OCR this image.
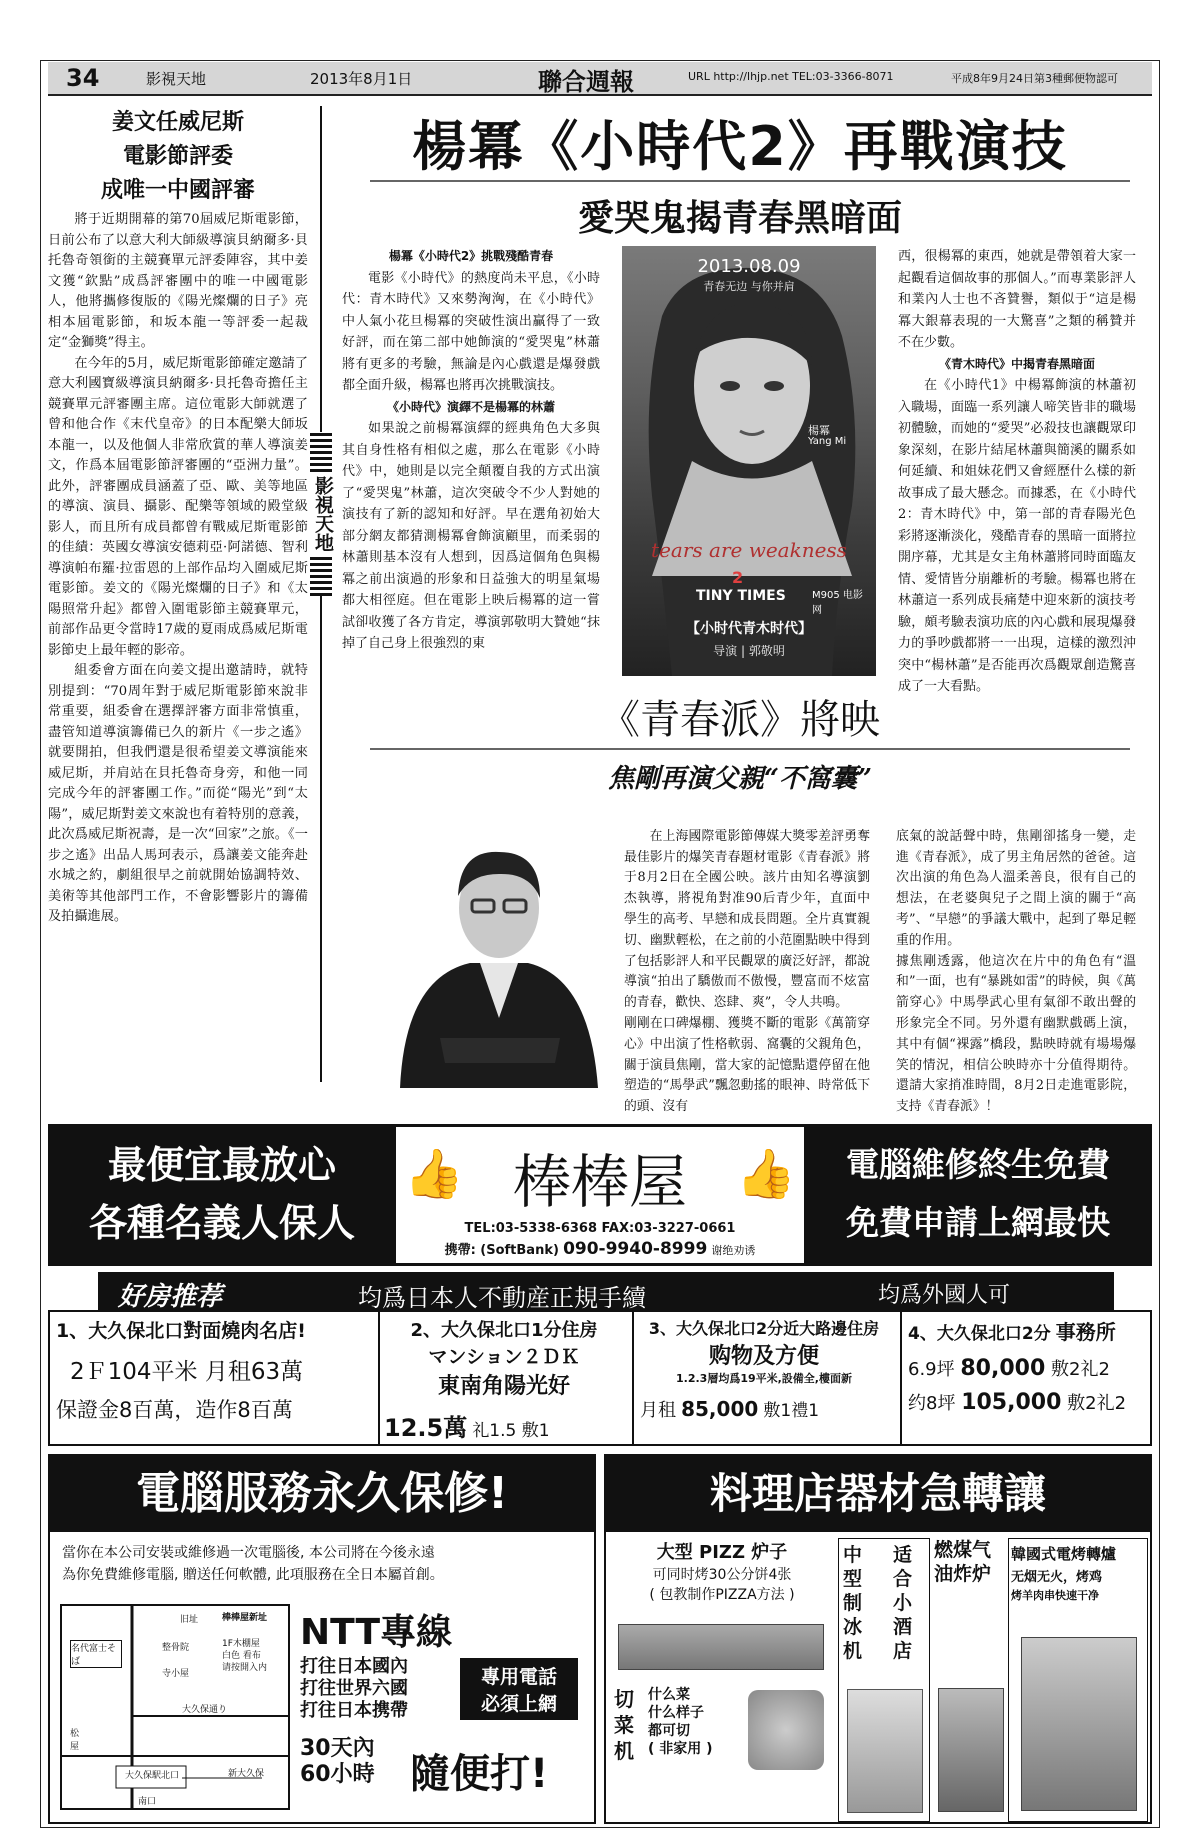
34	影視天地	2013年8月1日	聯合週報	URL http://lhjp.net TEL:03-3366-8071	平成8年9月24日第3種郵便物認可
姜文任威尼斯
電影節評委
成唯一中國評審

將于近期開幕的第70屆威尼斯電影節，日前公布了以意大利大師級導演貝納爾多·貝托魯奇領銜的主競賽單元評委陣容，其中姜文獲“欽點”成爲評審團中的唯一中國電影人，他將攜修復版的《陽光燦爛的日子》亮相本屆電影節，和坂本龍一等評委一起裁定“金獅獎”得主。

在今年的5月，威尼斯電影節確定邀請了意大利國寶級導演貝納爾多·貝托魯奇擔任主競賽單元評審團主席。這位電影大師就選了曾和他合作《末代皇帝》的日本配樂大師坂本龍一，以及他個人非常欣賞的華人導演姜文，作爲本屆電影節評審團的“亞洲力量”。此外，評審團成員涵蓋了亞、歐、美等地區的導演、演員、攝影、配樂等領域的殿堂級影人，而且所有成員都曾有戰威尼斯電影節的佳績：英國女導演安德莉亞·阿諾德、智利導演帕布羅·拉雷恩的上部作品均入圍威尼斯電影節。姜文的《陽光燦爛的日子》和《太陽照常升起》都曾入圍電影節主競賽單元，前部作品更令當時17歲的夏雨成爲威尼斯電影節史上最年輕的影帝。

組委會方面在向姜文提出邀請時，就特別提到：“70周年對于威尼斯電影節來說非常重要，組委會在選擇評審方面非常慎重，盡管知道導演籌備已久的新片《一步之遙》就要開拍，但我們還是很希望姜文導演能來威尼斯，并肩站在貝托魯奇身旁，和他一同完成今年的評審團工作。”而從“陽光”到“太陽”，威尼斯對姜文來說也有着特別的意義，此次爲威尼斯祝壽，是一次“回家”之旅。《一步之遙》出品人馬珂表示，爲讓姜文能奔赴水城之約，劇組很早之前就開始協調特效、美術等其他部門工作，不會影響影片的籌備及拍攝進展。

影視天地
楊冪《小時代2》再戰演技
愛哭鬼揭青春黑暗面

楊冪《小時代2》挑戰殘酷青春

電影《小時代》的熱度尚未平息，《小時代：青木時代》又來勢洶洶，在《小時代》中人氣小花旦楊冪的突破性演出贏得了一致好評，而在第二部中她飾演的“愛哭鬼”林蕭將有更多的考驗，無論是內心戲還是爆發戲都全面升級，楊冪也將再次挑戰演技。

《小時代》演繹不是楊冪的林蕭

如果說之前楊冪演繹的經典角色大多與其自身性格有相似之處，那么在電影《小時代》中，她則是以完全顛覆自我的方式出演了“愛哭鬼”林蕭，這次突破令不少人對她的演技有了新的認知和好評。早在選角初始大部分網友都猜測楊冪會飾演顧里，而柔弱的林蕭則基本沒有人想到，因爲這個角色與楊冪之前出演過的形象和日益強大的明星氣場都大相徑庭。但在電影上映后楊冪的這一嘗試卻收獲了各方肯定，導演郭敬明大贊她“抹掉了自己身上很強烈的東

2013.08.09
青春无边 与你并肩
楊冪
Yang Mi
tears are weakness
2
TINY TIMES	M905 电影网
【小时代青木时代】
导演 | 郭敬明

西，很楊冪的東西，她就是帶領着大家一起觀看這個故事的那個人。”而專業影評人和業內人士也不吝贊譽，類似于“這是楊冪大銀幕表現的一大驚喜”之類的稱贊并不在少數。

《青木時代》中揭青春黑暗面

在《小時代1》中楊冪飾演的林蕭初入職場，面臨一系列讓人啼笑皆非的職場初體驗，而她的“愛哭”必殺技也讓觀眾印象深刻，在影片結尾林蕭與簡溪的關系如何延續、和姐妹花們又會經歷什么樣的新故事成了最大懸念。而據悉，在《小時代2：青木時代》中，第一部的青春陽光色彩將逐漸淡化，殘酷青春的黑暗一面將拉開序幕，尤其是女主角林蕭將同時面臨友情、愛情皆分崩離析的考驗。楊冪也將在林蕭這一系列成長痛楚中迎來新的演技考驗，頗考驗表演功底的內心戲和展現爆發力的爭吵戲都將一一出現，這樣的激烈沖突中“楊林蕭”是否能再次爲觀眾創造驚喜成了一大看點。

《青春派》將映
焦剛再演父親“不窩囊”

在上海國際電影節傳媒大獎零差評勇奪最佳影片的爆笑青春題材電影《青春派》將于8月2日在全國公映。該片由知名導演劉杰執導，將視角對准90后青少年，直面中學生的高考、早戀和成長問題。全片真實親切、幽默輕松，在之前的小范圍點映中得到了包括影評人和平民觀眾的廣泛好評，都說導演“拍出了驕傲而不傲慢，豐富而不炫富的青春，歡快、恣肆、爽”，令人共鳴。
剛剛在口碑爆棚、獲獎不斷的電影《萬箭穿心》中出演了性格軟弱、窩囊的父親角色，關于演員焦剛，當大家的記憶點還停留在他塑造的“馬學武”飄忽動搖的眼神、時常低下的頭、沒有

底氣的說話聲中時，焦剛卻搖身一變，走進《青春派》，成了男主角居然的爸爸。這次出演的角色為人溫柔善良，很有自己的想法，在老婆與兒子之間上演的關于“高考”、“早戀”的爭議大戰中，起到了舉足輕重的作用。
據焦剛透露，他這次在片中的角色有“溫和”一面，也有“暴跳如雷”的時候，與《萬箭穿心》中馬學武心里有氣卻不敢出聲的形象完全不同。另外還有幽默戲碼上演，其中有個“裸露”橋段，點映時就有場場爆笑的情況，相信公映時亦十分值得期待。還請大家捎准時間，8月2日走進電影院，支持《青春派》！

最便宜最放心
各種名義人保人
👍	👍
棒棒屋
TEL:03-5338-6368 FAX:03-3227-0661
携帶: (SoftBank) 090-9940-8999 谢绝劝诱
電腦維修終生免費
免費申請上網最快
好房推荐	均爲日本人不動産正規手續	均爲外國人可
1、大久保北口對面燒肉名店!
2Ｆ104平米 月租63萬
保證金8百萬，造作8百萬
2、大久保北口1分住房
マンション２ＤＫ
東南角陽光好
12.5萬 礼1.5 敷1
3、大久保北口2分近大路邊住房
购物及方便
1.2.3層均爲19平米,設備全,樓面新
月租 85,000 敷1禮1
4、大久保北口2分 事務所
6.9坪 80,000 敷2礼2
约8坪 105,000 敷2礼2
電腦服務永久保修!
當你在本公司安裝或維修過一次電腦後, 本公司將在今後永遠
為你免費維修電腦, 贈送任何軟體, 此項服務在全日本屬首創。
旧址	棒棒屋新址
1F木棚屋
白色 看布
请按開入内
名代富士そば
整骨院
寺小屋
大久保通り
大久保駅北口
南口
松屋
新大久保
NTT專線
打往日本國內
打往世界六國
打往日本携帶
專用電話
必須上網
30天內
60小時 隨便打!
料理店器材急轉讓
大型 PIZZ 炉子
可同时烤30公分饼4张
( 包教制作PIZZA方法 )
切菜机
什么菜
什么样子
都可切
( 非家用 )
中型制冰机
适合小酒店
燃煤气油炸炉
韓國式電烤轉爐
无烟无火，烤鸡
烤羊肉串快速干净
